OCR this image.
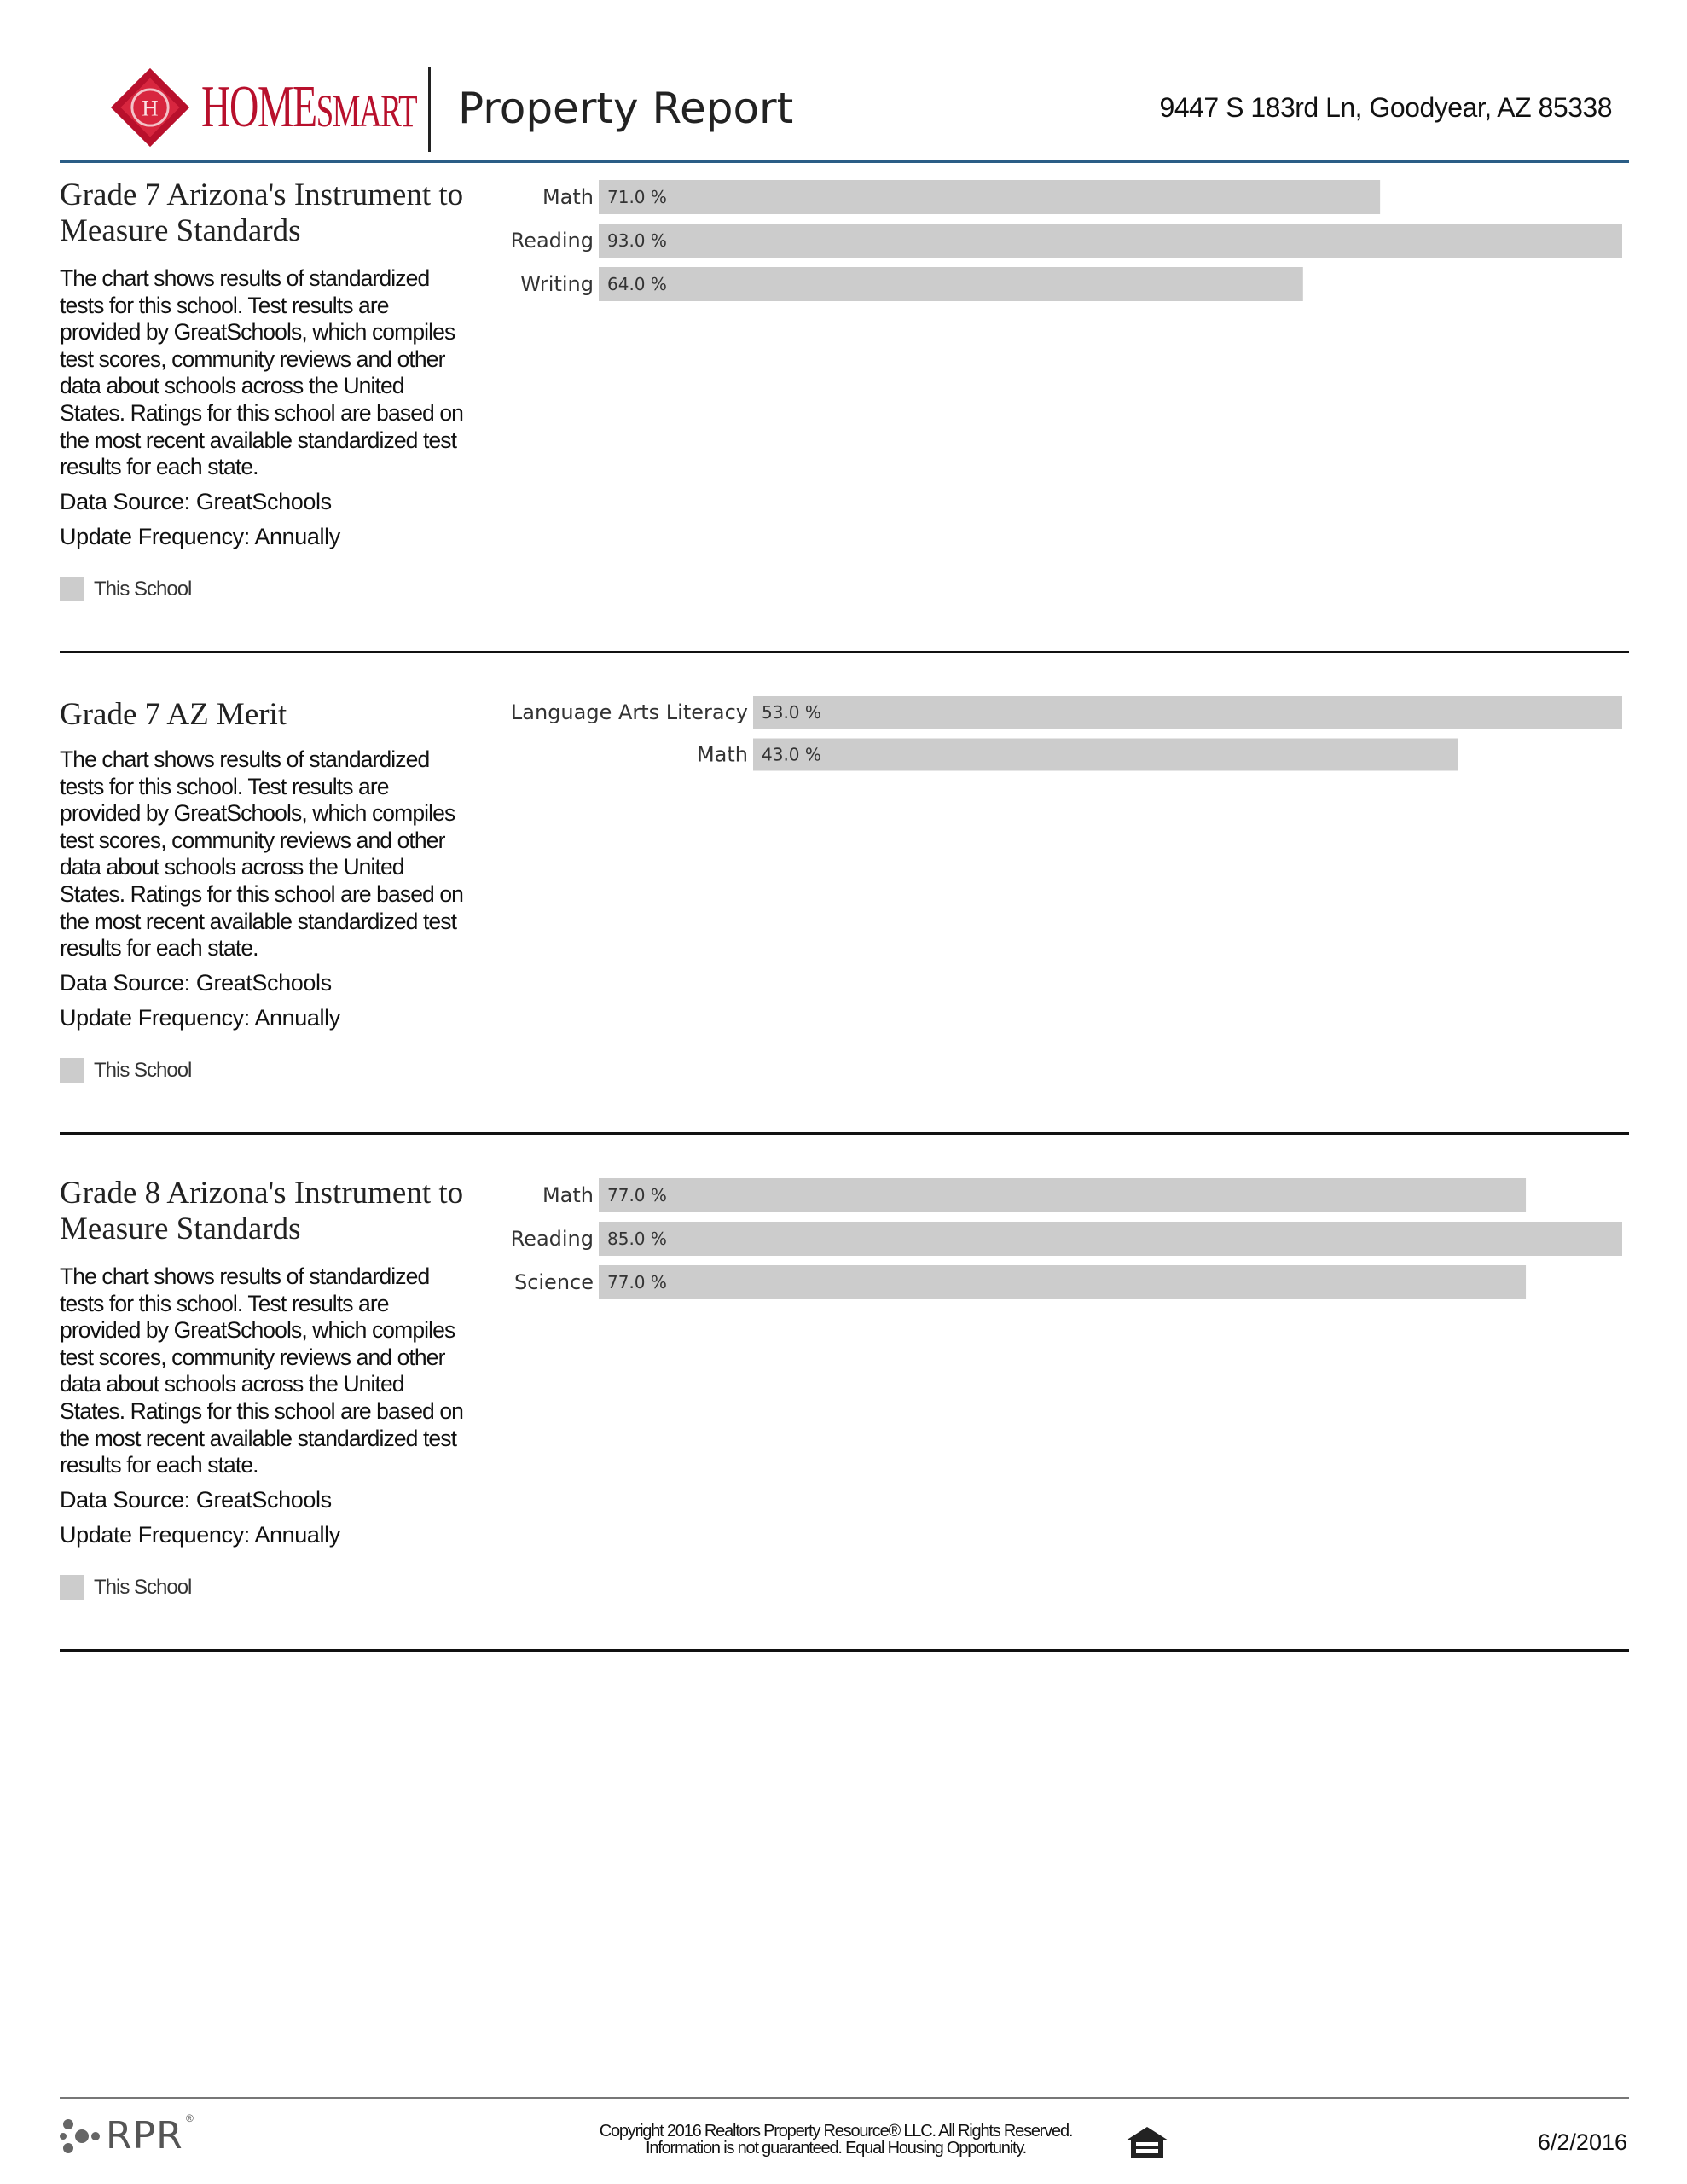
H HOMESMART Property Report	9447 S 183rd Ln, Goodyear, AZ 85338
Grade 7 Arizona's Instrument to Measure Standards
The chart shows results of standardized tests for this school. Test results are provided by GreatSchools, which compiles test scores, community reviews and other data about schools across the United States. Ratings for this school are based on the most recent available standardized test results for each state.
Data Source: GreatSchools
Update Frequency: Annually
This School
Math 71.0 %
Reading 93.0 %
Writing 64.0 %
Grade 7 AZ Merit
The chart shows results of standardized tests for this school. Test results are provided by GreatSchools, which compiles test scores, community reviews and other data about schools across the United States. Ratings for this school are based on the most recent available standardized test results for each state.
Data Source: GreatSchools
Update Frequency: Annually
This School
Language Arts Literacy 53.0 %
Math 43.0 %
Grade 8 Arizona's Instrument to Measure Standards
The chart shows results of standardized tests for this school. Test results are provided by GreatSchools, which compiles test scores, community reviews and other data about schools across the United States. Ratings for this school are based on the most recent available standardized test results for each state.
Data Source: GreatSchools
Update Frequency: Annually
This School
Math 77.0 %
Reading 85.0 %
Science 77.0 %
RPR ®
Copyright 2016 Realtors Property Resource® LLC. All Rights Reserved.
Information is not guaranteed. Equal Housing Opportunity.	6/2/2016
